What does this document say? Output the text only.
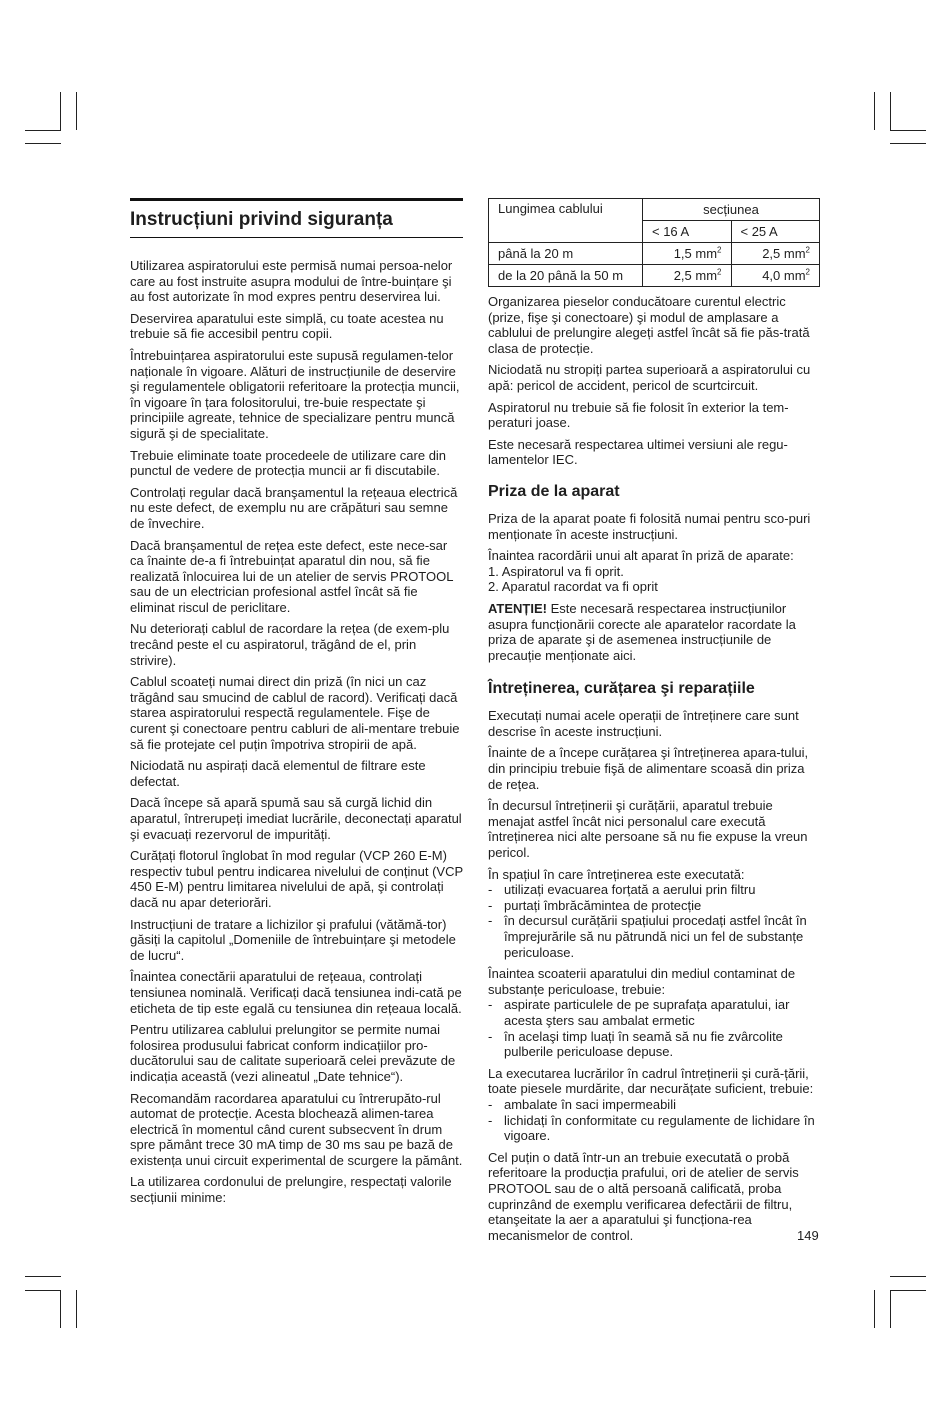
Instrucțiuni privind siguranța

Utilizarea aspiratorului este permisă numai persoa-nelor care au fost instruite asupra modului de între-buințare şi au fost autorizate în mod expres pentru deservirea lui.

Deservirea aparatului este simplă, cu toate acestea nu trebuie să fie accesibil pentru copii.

Întrebuințarea aspiratorului este supusă regulamen-telor naționale în vigoare. Alături de instrucțiunile de deservire şi regulamentele obligatorii referitoare la protecția muncii, în vigoare în țara folositorului, tre-buie respectate şi principiile agreate, tehnice de specializare pentru muncă sigură şi de specialitate.

Trebuie eliminate toate procedeele de utilizare care din punctul de vedere de protecția muncii ar fi discutabile.

Controlați regular dacă branşamentul la rețeaua electrică nu este defect, de exemplu nu are crăpături sau semne de învechire.

Dacă branşamentul de rețea este defect, este nece-sar ca înainte de-a fi întrebuințat aparatul din nou, să fie realizată înlocuirea lui de un atelier de servis PROTOOL sau de un electrician profesional astfel încât să fie eliminat riscul de periclitare.

Nu deteriorați cablul de racordare la rețea (de exem-plu trecând peste el cu aspiratorul, trăgând de el, prin strivire).

Cablul scoateți numai direct din priză (în nici un caz trăgând sau smucind de cablul de racord). Verificați dacă starea aspiratorului respectă regulamentele. Fişe de curent şi conectoare pentru cabluri de ali-mentare trebuie să fie protejate cel puțin împotriva stropirii de apă.

Niciodată nu aspirați dacă elementul de filtrare este defectat.

Dacă începe să apară spumă sau să curgă lichid din aparatul, întrerupeți imediat lucrările, deconectați aparatul şi evacuați rezervorul de impurități.

Curățați flotorul înglobat în mod regular (VCP 260 E-M) respectiv tubul pentru indicarea nivelului de conținut (VCP 450 E-M) pentru limitarea nivelului de apă, şi controlați dacă nu apar deteriorări.

Instrucțiuni de tratare a lichizilor şi prafului (vătămă-tor) găsiți la capitolul „Domeniile de întrebuințare şi metodele de lucru“.

Înaintea conectării aparatului de rețeaua, controlați tensiunea nominală. Verificați dacă tensiunea indi-cată pe eticheta de tip este egală cu tensiunea din rețeaua locală.

Pentru utilizarea cablului prelungitor se permite numai folosirea produsului fabricat conform indicațiilor pro-ducătorului sau de calitate superioară celei prevăzute de indicația această (vezi alineatul „Date tehnice“).

Recomandăm racordarea aparatului cu întrerupăto-rul automat de protecție. Acesta blochează alimen-tarea electrică în momentul când curent subsecvent în drum spre pământ trece 30 mA timp de 30 ms sau pe bază de existența unui circuit experimental de scurgere la pământ.

La utilizarea cordonului de prelungire, respectați valorile secțiunii minime:

Lungimea cablului	secțiunea	
	< 16 A	< 25 A
până la 20 m	1,5 $mm^2$	2,5 $mm^2$
de la 20 până la 50 m	2,5 $mm^2$	4,0 $mm^2$

Organizarea pieselor conducătoare curentul electric (prize, fişe şi conectoare) şi modul de amplasare a cablului de prelungire alegeți astfel încât să fie păs-trată clasa de protecție.

Niciodată nu stropiți partea superioară a aspiratorului cu apă: pericol de accident, pericol de scurtcircuit.

Aspiratorul nu trebuie să fie folosit în exterior la tem-peraturi joase.

Este necesară respectarea ultimei versiuni ale regu-lamentelor IEC.

Priza de la aparat

Priza de la aparat poate fi folosită numai pentru sco-puri menționate în aceste instrucțiuni.

Înaintea racordării unui alt aparat în priză de aparate:
1. Aspiratorul va fi oprit.
2. Aparatul racordat va fi oprit

ATENȚIE! Este necesară respectarea instrucțiunilor asupra funcționării corecte ale aparatelor racordate la priza de aparate şi de asemenea instrucțiunile de precauție menționate aici.

Întreținerea, curățarea şi reparațiile

Executați numai acele operații de întreținere care sunt descrise în aceste instrucțiuni.

Înainte de a începe curățarea şi întreținerea apara-tului, din principiu trebuie fişă de alimentare scoasă din priza de rețea.

În decursul întreținerii şi curățării, aparatul trebuie menajat astfel încât nici personalul care execută întreținerea nici alte persoane să nu fie expuse la vreun pericol.

În spațiul în care întreținerea este executată:

- utilizați evacuarea forțată a aerului prin filtru
- purtați îmbrăcămintea de protecție
- în decursul curățării spațiului procedați astfel încât în împrejurările să nu pătrundă nici un fel de substanțe periculoase.

Înaintea scoaterii aparatului din mediul contaminat de substanțe periculoase, trebuie:

- aspirate particulele de pe suprafața aparatului, iar acesta şters sau ambalat ermetic
- în acelaşi timp luați în seamă să nu fie zvârcolite pulberile periculoase depuse.

La executarea lucrărilor în cadrul întreținerii şi cură-țării, toate piesele murdărite, dar necurățate suficient, trebuie:

- ambalate în saci impermeabili
- lichidați în conformitate cu regulamente de lichidare în vigoare.

Cel puțin o dată într-un an trebuie executată o probă referitoare la producția prafului, ori de atelier de servis PROTOOL sau de o altă persoană calificată, proba cuprinzând de exemplu verificarea defectării de filtru, etanşeitate la aer a aparatului şi funcționa-rea mecanismelor de control.	149
